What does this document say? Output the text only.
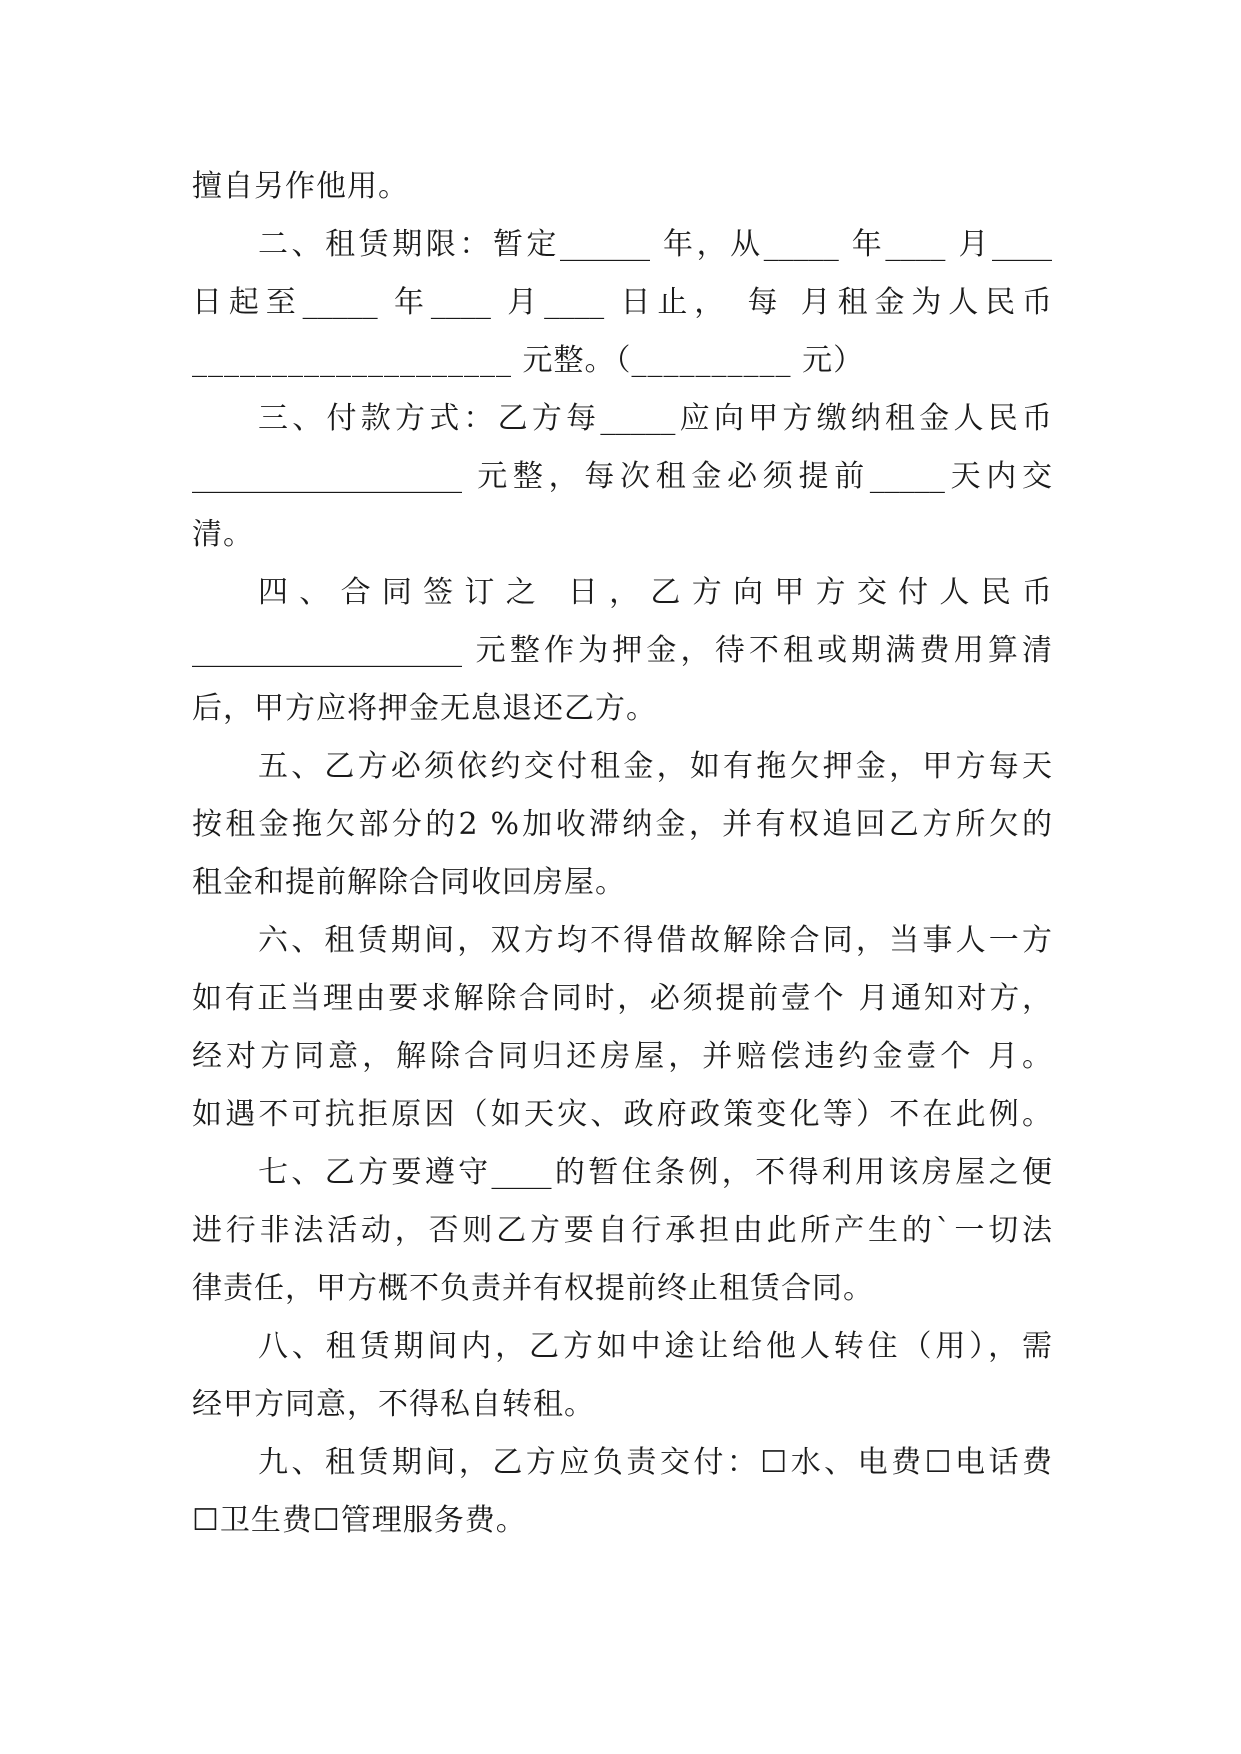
擅自另作他用。
二、租赁期限：暂定______ 年，从_____ 年____ 月____
日起至_____ 年____ 月____ 日止， 每 月租金为人民币
____________________ 元整。（__________ 元）
三、付款方式：乙方每_____应向甲方缴纳租金人民币
__________________ 元整，每次租金必须提前_____天内交
清。
四、合同签订之 日，乙方向甲方交付人民币
__________________ 元整作为押金，待不租或期满费用算清
后，甲方应将押金无息退还乙方。
五、乙方必须依约交付租金，如有拖欠押金，甲方每天
按租金拖欠部分的2 %加收滞纳金，并有权追回乙方所欠的
租金和提前解除合同收回房屋。
六、租赁期间，双方均不得借故解除合同，当事人一方
如有正当理由要求解除合同时，必须提前壹个 月通知对方，
经对方同意，解除合同归还房屋，并赔偿违约金壹个 月。
如遇不可抗拒原因（如天灾、政府政策变化等）不在此例。
七、乙方要遵守____的暂住条例，不得利用该房屋之便
进行非法活动，否则乙方要自行承担由此所产生的`一切法
律责任，甲方概不负责并有权提前终止租赁合同。
八、租赁期间内，乙方如中途让给他人转住（用），需
经甲方同意，不得私自转租。
九、租赁期间，乙方应负责交付：☐水、电费☐电话费
☐卫生费☐管理服务费。
